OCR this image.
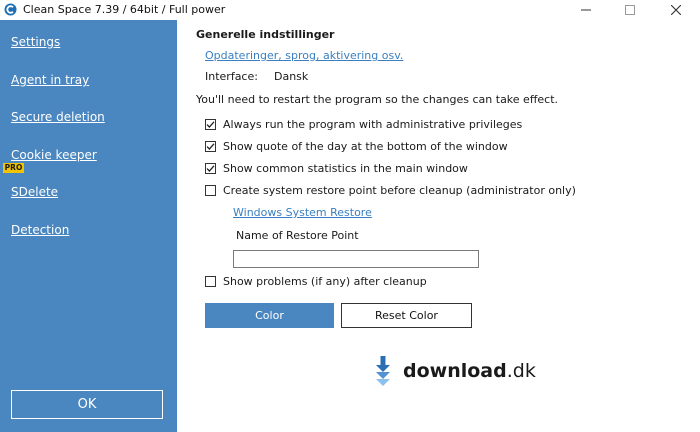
Clean Space 7.39 / 64bit / Full power
Settings
Agent in tray
Secure deletion
Cookie keeper
SDelete
Detection
OK
Generelle indstillinger
Opdateringer, sprog, aktivering osv.
Interface: Dansk
You'll need to restart the program so the changes can take effect.
Always run the program with administrative privileges
Show quote of the day at the bottom of the window
Show common statistics in the main window
Create system restore point before cleanup (administrator only)
Windows System Restore
Name of Restore Point
Show problems (if any) after cleanup
Color	Reset Color
download.dk
PRO
